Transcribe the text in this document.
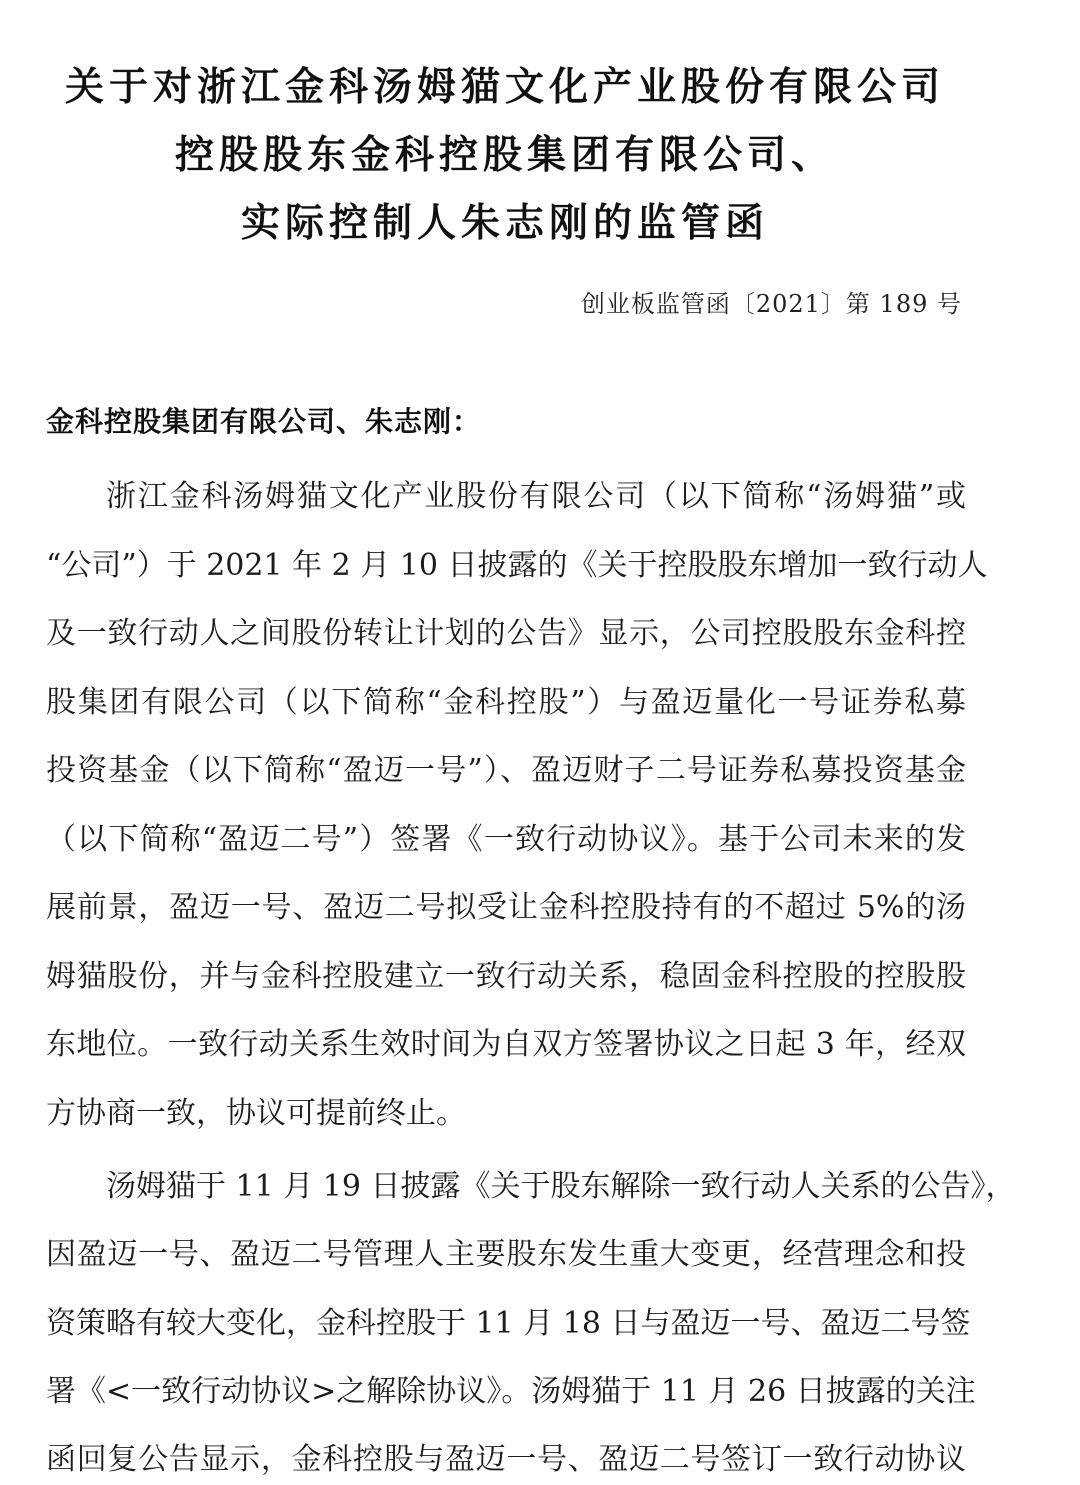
关于对浙江金科汤姆猫文化产业股份有限公司
控股股东金科控股集团有限公司、
实际控制人朱志刚的监管函
创业板监管函〔2021〕第 189 号
金科控股集团有限公司、朱志刚：
浙江金科汤姆猫文化产业股份有限公司（以下简称“汤姆猫”或
“公司”）于 2021 年 2 月 10 日披露的《关于控股股东增加一致行动人
及一致行动人之间股份转让计划的公告》显示，公司控股股东金科控
股集团有限公司（以下简称“金科控股”）与盈迈量化一号证券私募
投资基金（以下简称“盈迈一号”）、盈迈财子二号证券私募投资基金
（以下简称“盈迈二号”）签署《一致行动协议》。基于公司未来的发
展前景，盈迈一号、盈迈二号拟受让金科控股持有的不超过 5%的汤
姆猫股份，并与金科控股建立一致行动关系，稳固金科控股的控股股
东地位。一致行动关系生效时间为自双方签署协议之日起 3 年，经双
方协商一致，协议可提前终止。
汤姆猫于 11 月 19 日披露《关于股东解除一致行动人关系的公告》，
因盈迈一号、盈迈二号管理人主要股东发生重大变更，经营理念和投
资策略有较大变化，金科控股于 11 月 18 日与盈迈一号、盈迈二号签
署《<一致行动协议>之解除协议》。汤姆猫于 11 月 26 日披露的关注
函回复公告显示，金科控股与盈迈一号、盈迈二号签订一致行动协议
